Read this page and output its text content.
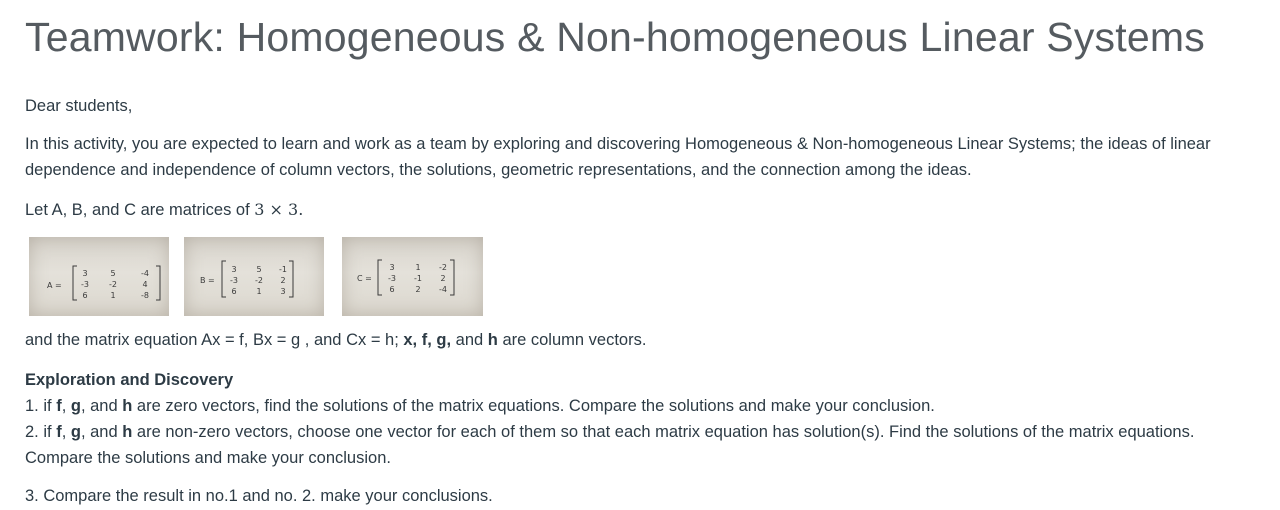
Teamwork: Homogeneous & Non-homogeneous Linear Systems

Dear students,

In this activity, you are expected to learn and work as a team by exploring and discovering Homogeneous & Non-homogeneous Linear Systems; the ideas of linear dependence and independence of column vectors, the solutions, geometric representations, and the connection among the ideas.

Let A, B, and C are matrices of 3 × 3.

A =
3	5	-4
-3	-2	4
6	1	-8
B =
3 5 -1
-3 -2 2
6 1 3
C =
3	1 -2
-3 -1 2
6	2 -4

and the matrix equation Ax = f, Bx = g , and Cx = h; x, f, g, and h are column vectors.

Exploration and Discovery

1. if f, g, and h are zero vectors, find the solutions of the matrix equations. Compare the solutions and make your conclusion.

2. if f, g, and h are non-zero vectors, choose one vector for each of them so that each matrix equation has solution(s). Find the solutions of the matrix equations. Compare the solutions and make your conclusion.

3. Compare the result in no.1 and no. 2. make your conclusions.
